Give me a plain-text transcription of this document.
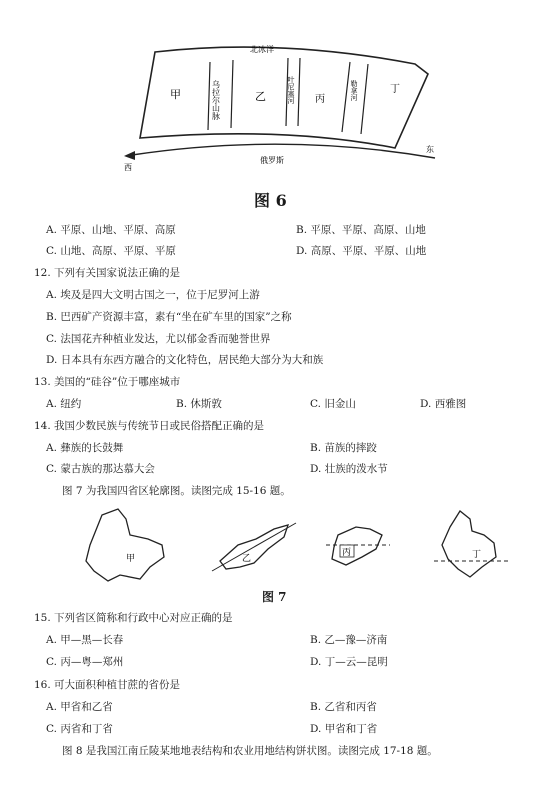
北冰洋
甲	乌拉尔山脉	乙	叶尼塞河 丙	勒拿河	丁
西
俄罗斯
东
图 6
A. 平原、山地、平原、高原	B. 平原、平原、高原、山地
C. 山地、高原、平原、平原	D. 高原、平原、平原、山地
12. 下列有关国家说法正确的是
A. 埃及是四大文明古国之一，位于尼罗河上游
B. 巴西矿产资源丰富，素有“坐在矿车里的国家”之称
C. 法国花卉种植业发达，尤以郁金香而驰誉世界
D. 日本具有东西方融合的文化特色，居民绝大部分为大和族
13. 美国的“硅谷”位于哪座城市
A. 纽约	B. 休斯敦	C. 旧金山	D. 西雅图
14. 我国少数民族与传统节日或民俗搭配正确的是
A. 彝族的长鼓舞	B. 苗族的摔跤
C. 蒙古族的那达慕大会	D. 壮族的泼水节
图 7 为我国四省区轮廓图。读图完成 15-16 题。
甲	乙
丙	丁
图 7
15. 下列省区简称和行政中心对应正确的是
A. 甲—黑—长春	B. 乙—豫—济南
C. 丙—粤—郑州	D. 丁—云—昆明
16. 可大面积种植甘蔗的省份是
A. 甲省和乙省	B. 乙省和丙省
C. 丙省和丁省	D. 甲省和丁省
图 8 是我国江南丘陵某地地表结构和农业用地结构饼状图。读图完成 17-18 题。
